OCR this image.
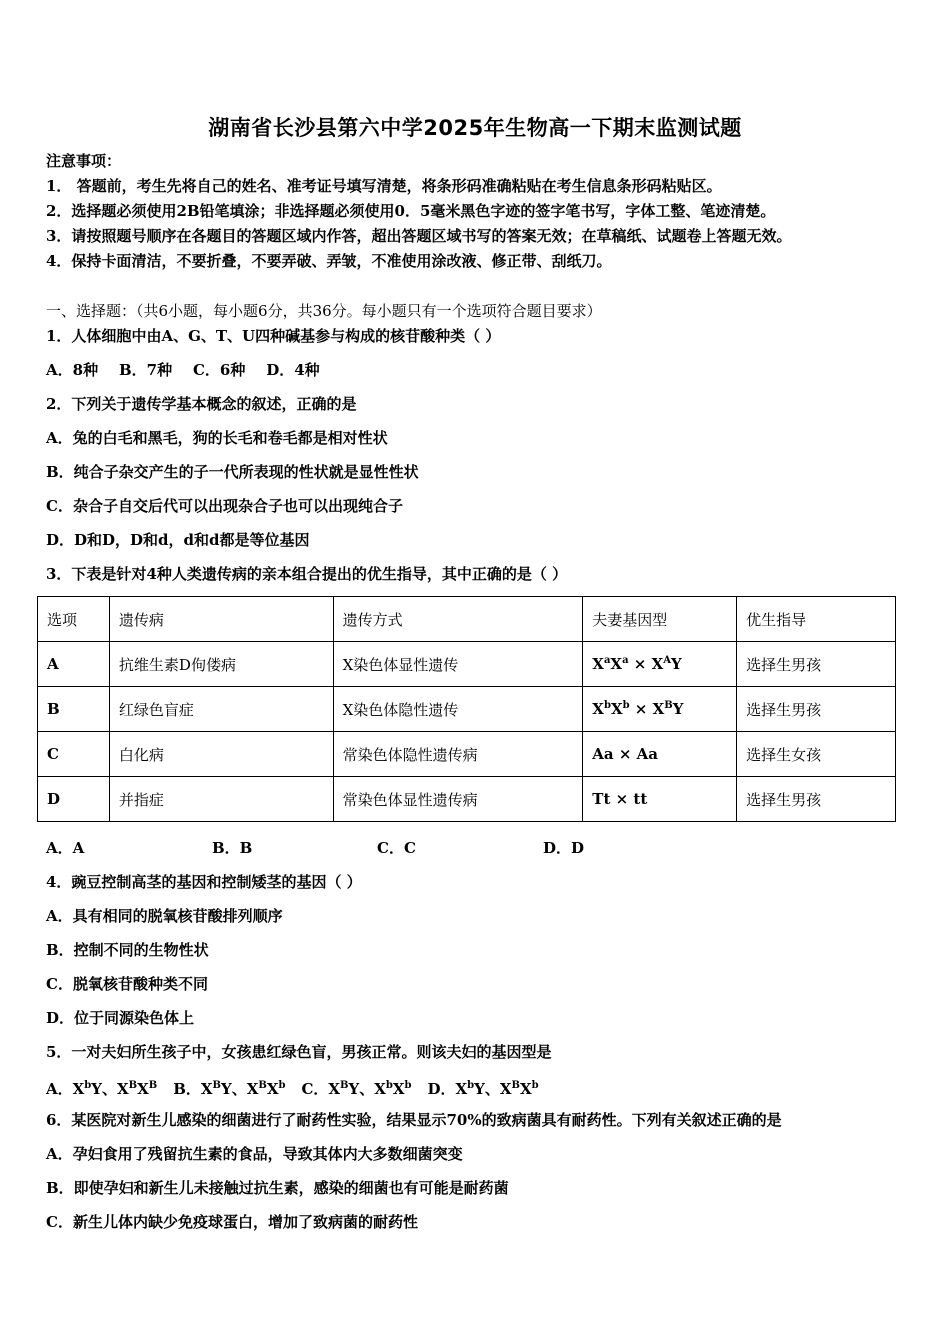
湖南省长沙县第六中学2025年生物高一下期末监测试题
注意事项：
1． 答题前，考生先将自己的姓名、准考证号填写清楚，将条形码准确粘贴在考生信息条形码粘贴区。
2．选择题必须使用2B铅笔填涂；非选择题必须使用0．5毫米黑色字迹的签字笔书写，字体工整、笔迹清楚。
3．请按照题号顺序在各题目的答题区域内作答，超出答题区域书写的答案无效；在草稿纸、试题卷上答题无效。
4．保持卡面清洁，不要折叠，不要弄破、弄皱，不准使用涂改液、修正带、刮纸刀。
一、选择题：（共6小题，每小题6分，共36分。每小题只有一个选项符合题目要求）
1．人体细胞中由A、G、T、U四种碱基参与构成的核苷酸种类（ ）
A．8种    B．7种    C．6种    D．4种
2．下列关于遗传学基本概念的叙述，正确的是
A．兔的白毛和黑毛，狗的长毛和卷毛都是相对性状
B．纯合子杂交产生的子一代所表现的性状就是显性性状
C．杂合子自交后代可以出现杂合子也可以出现纯合子
D．D和D，D和d，d和d都是等位基因
3．下表是针对4种人类遗传病的亲本组合提出的优生指导，其中正确的是（ ）
选项	遗传病	遗传方式	夫妻基因型	优生指导
A	抗维生素D佝偻病	X染色体显性遗传	$X^aX^a \times X^AY$	选择生男孩
B	红绿色盲症	X染色体隐性遗传	$X^bX^b \times X^BY$	选择生男孩
C	白化病	常染色体隐性遗传病	Aa × Aa	选择生女孩
D	并指症	常染色体显性遗传病	Tt × tt	选择生男孩
A．A	B．B	C．C	D．D
4．豌豆控制高茎的基因和控制矮茎的基因（ ）
A．具有相同的脱氧核苷酸排列顺序
B．控制不同的生物性状
C．脱氧核苷酸种类不同
D．位于同源染色体上
5．一对夫妇所生孩子中，女孩患红绿色盲，男孩正常。则该夫妇的基因型是
A．$X^bY$、$X^BX^B$ B．$X^BY$、$X^BX^b$ C．$X^BY$、$X^bX^b$ D．$X^bY$、$X^BX^b$
6．某医院对新生儿感染的细菌进行了耐药性实验，结果显示70%的致病菌具有耐药性。下列有关叙述正确的是
A．孕妇食用了残留抗生素的食品，导致其体内大多数细菌突变
B．即使孕妇和新生儿未接触过抗生素，感染的细菌也有可能是耐药菌
C．新生儿体内缺少免疫球蛋白，增加了致病菌的耐药性
